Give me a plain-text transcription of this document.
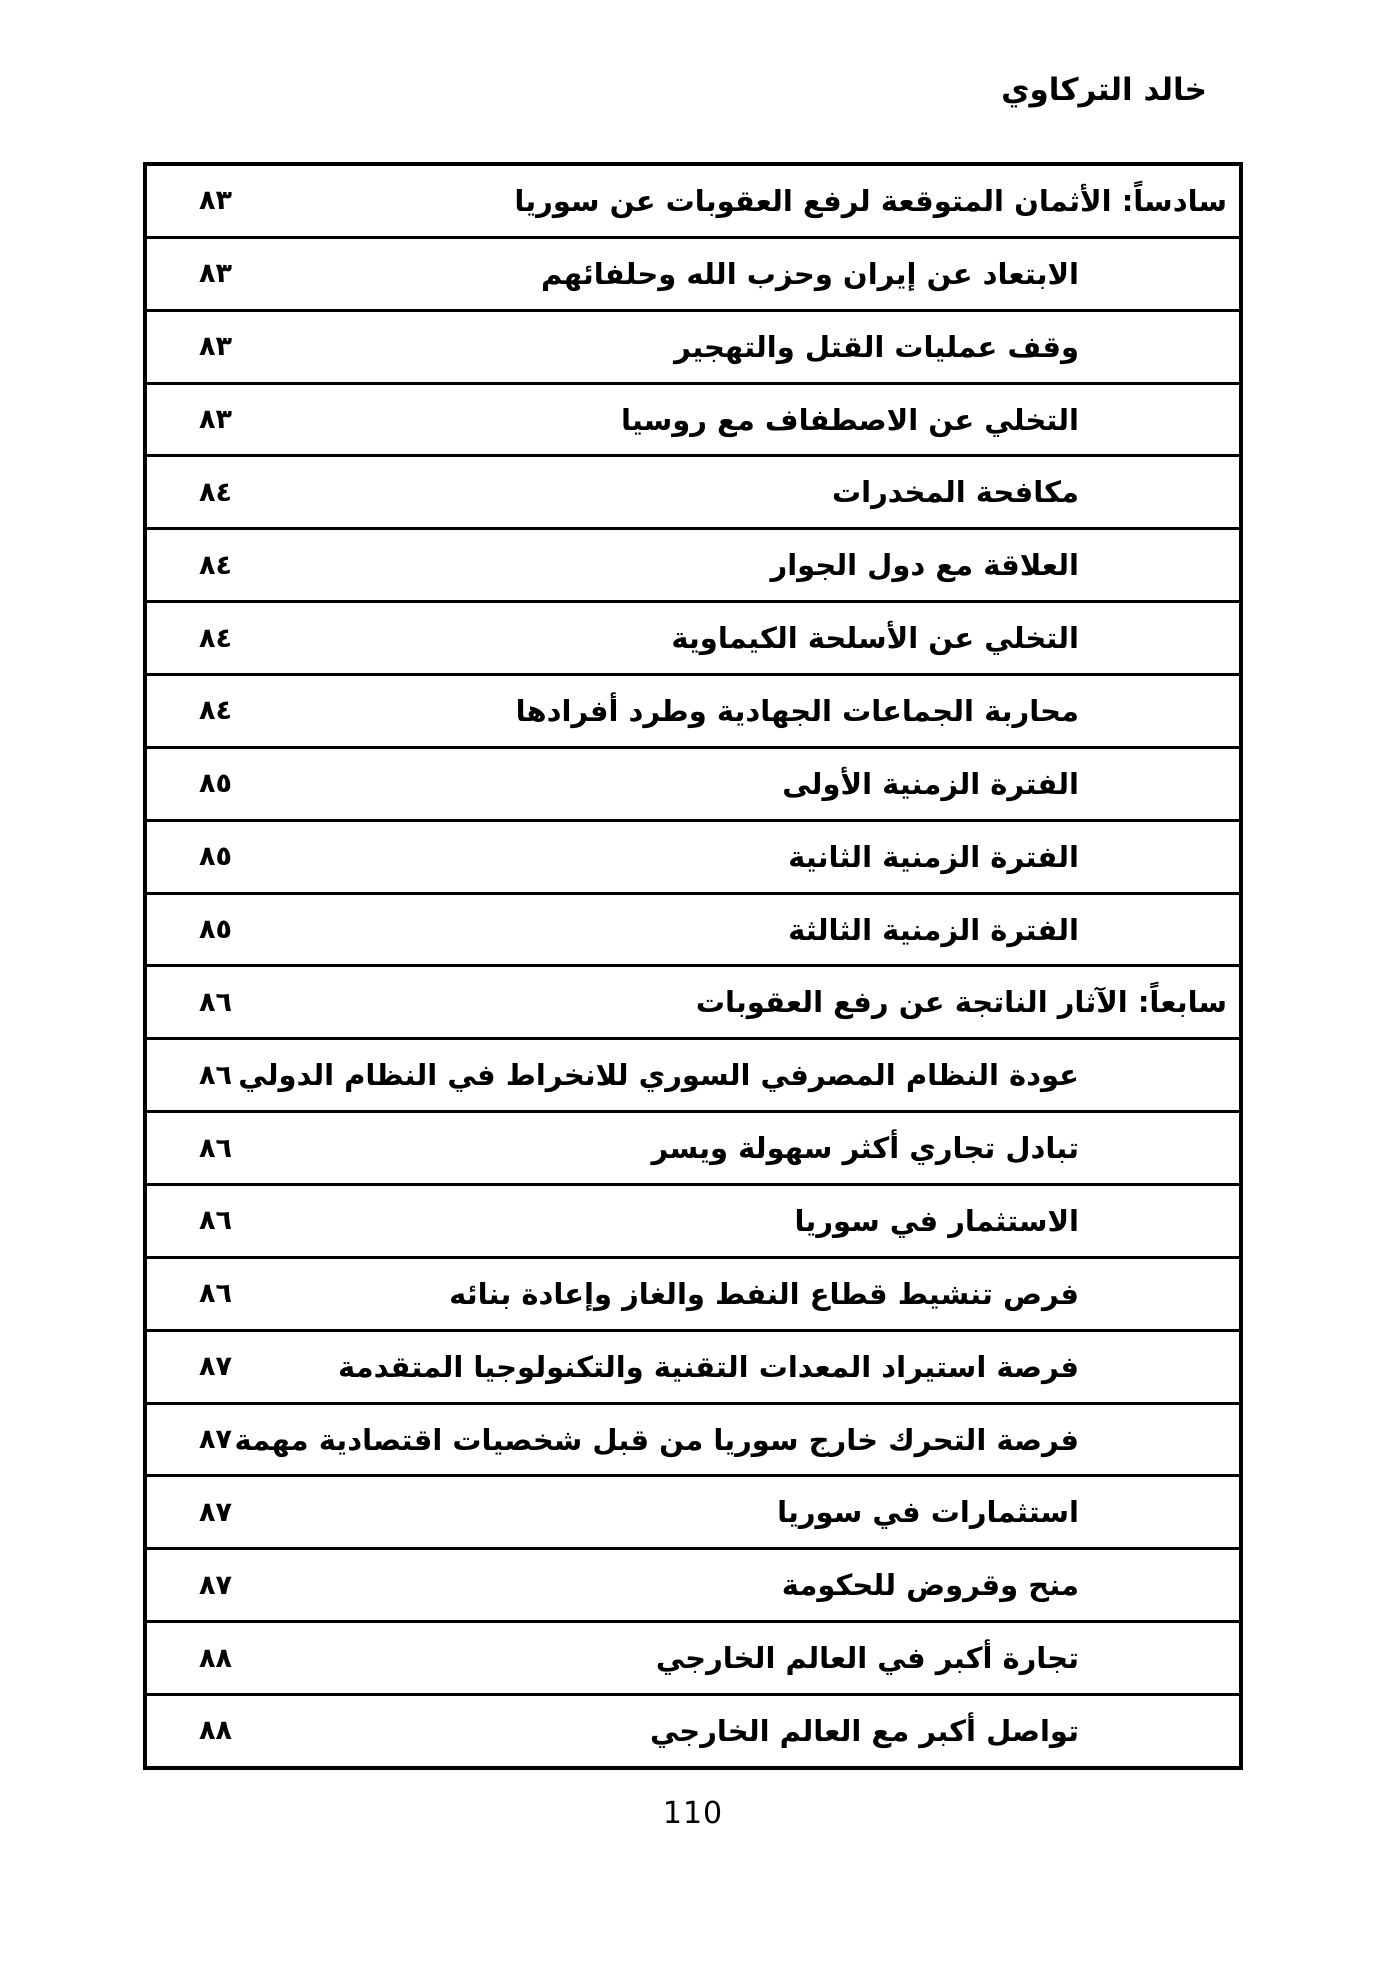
خالد التركاوي
سادساً: الأثمان المتوقعة لرفع العقوبات عن سوريا
٨٣
الابتعاد عن إيران وحزب الله وحلفائهم
٨٣
وقف عمليات القتل والتهجير
٨٣
التخلي عن الاصطفاف مع روسيا
٨٣
مكافحة المخدرات
٨٤
العلاقة مع دول الجوار
٨٤
التخلي عن الأسلحة الكيماوية
٨٤
محاربة الجماعات الجهادية وطرد أفرادها
٨٤
الفترة الزمنية الأولى
٨٥
الفترة الزمنية الثانية
٨٥
الفترة الزمنية الثالثة
٨٥
سابعاً: الآثار الناتجة عن رفع العقوبات
٨٦
عودة النظام المصرفي السوري للانخراط في النظام الدولي
٨٦
تبادل تجاري أكثر سهولة ويسر
٨٦
الاستثمار في سوريا
٨٦
فرص تنشيط قطاع النفط والغاز وإعادة بنائه
٨٦
فرصة استيراد المعدات التقنية والتكنولوجيا المتقدمة
٨٧
فرصة التحرك خارج سوريا من قبل شخصيات اقتصادية مهمة
٨٧
استثمارات في سوريا
٨٧
منح وقروض للحكومة
٨٧
تجارة أكبر في العالم الخارجي
٨٨
تواصل أكبر مع العالم الخارجي
٨٨
110
